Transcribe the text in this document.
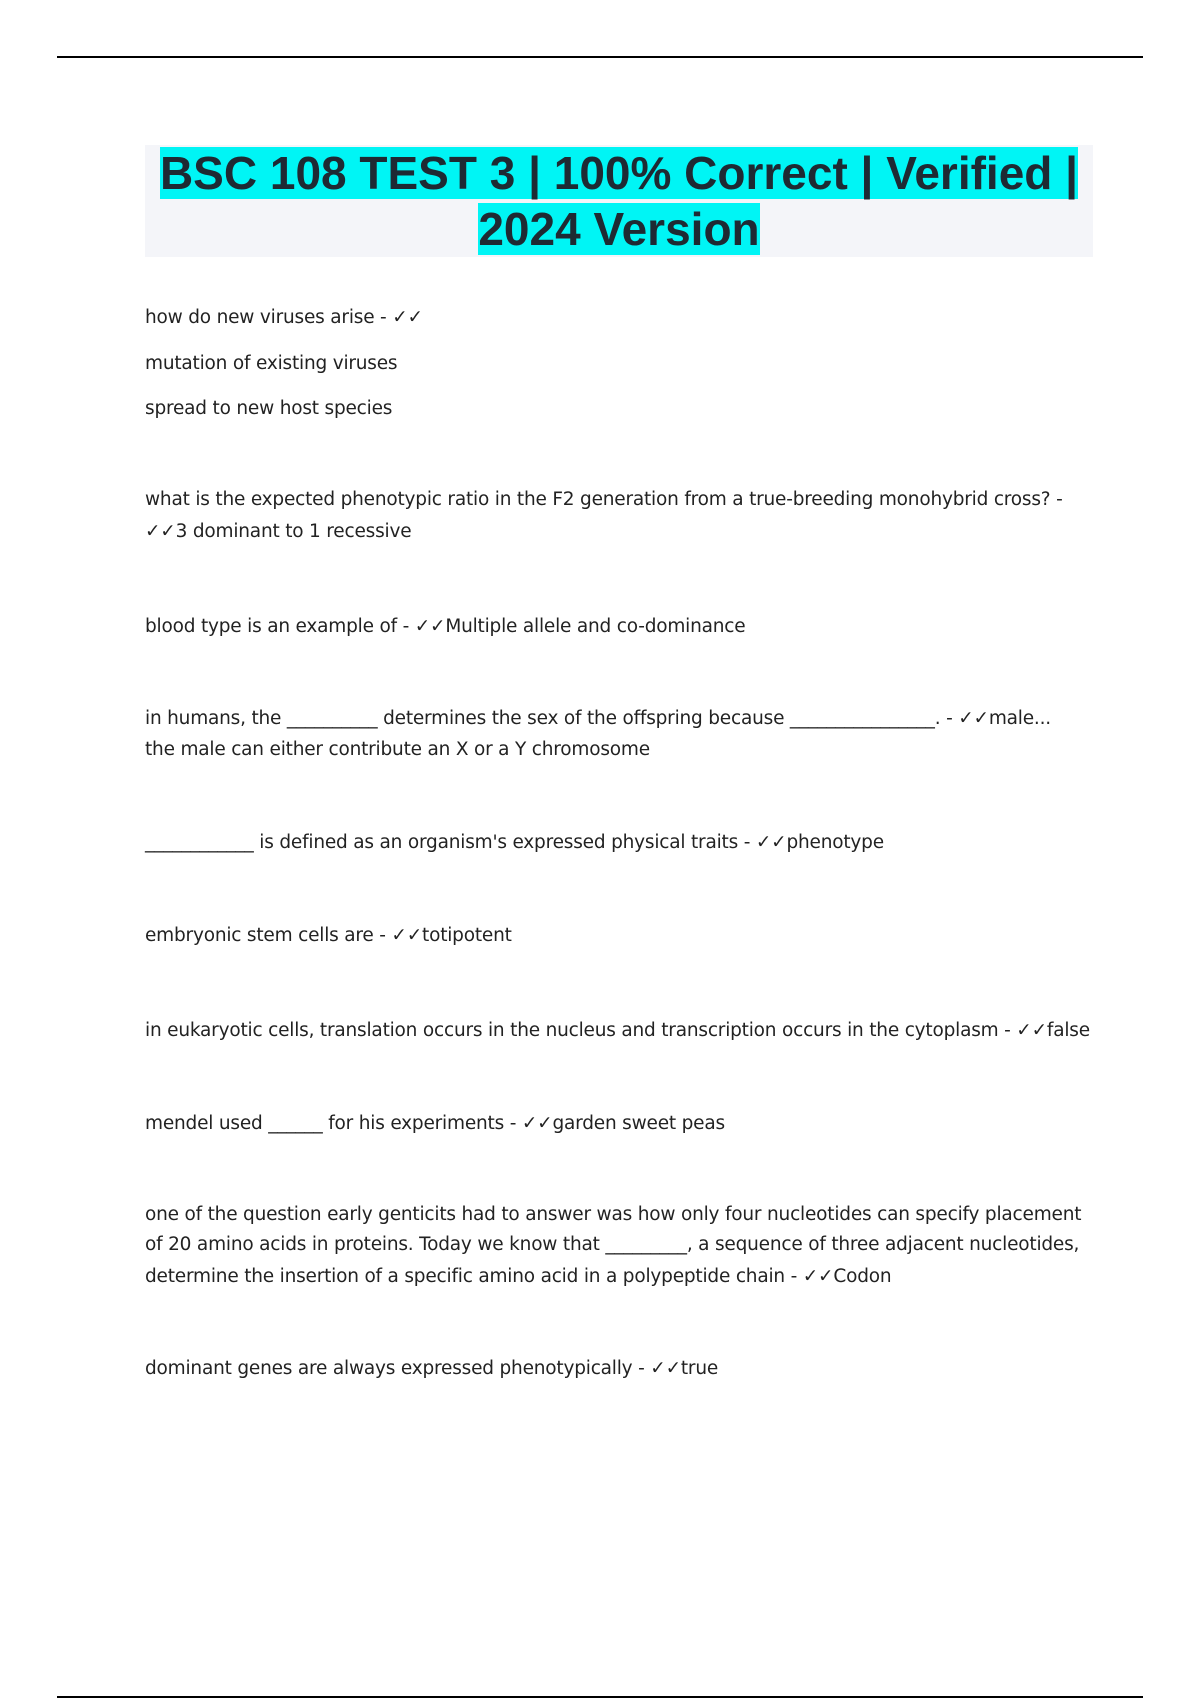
BSC 108 TEST 3 | 100% Correct | Verified | 2024 Version
how do new viruses arise - ✓✓
mutation of existing viruses
spread to new host species
what is the expected phenotypic ratio in the F2 generation from a true-breeding monohybrid cross? -
✓✓3 dominant to 1 recessive
blood type is an example of - ✓✓Multiple allele and co-dominance
in humans, the __________ determines the sex of the offspring because ________________. - ✓✓male...
the male can either contribute an X or a Y chromosome
____________ is defined as an organism's expressed physical traits - ✓✓phenotype
embryonic stem cells are - ✓✓totipotent
in eukaryotic cells, translation occurs in the nucleus and transcription occurs in the cytoplasm - ✓✓false
mendel used ______ for his experiments - ✓✓garden sweet peas
one of the question early genticits had to answer was how only four nucleotides can specify placement
of 20 amino acids in proteins. Today we know that _________, a sequence of three adjacent nucleotides,
determine the insertion of a specific amino acid in a polypeptide chain - ✓✓Codon
dominant genes are always expressed phenotypically - ✓✓true
